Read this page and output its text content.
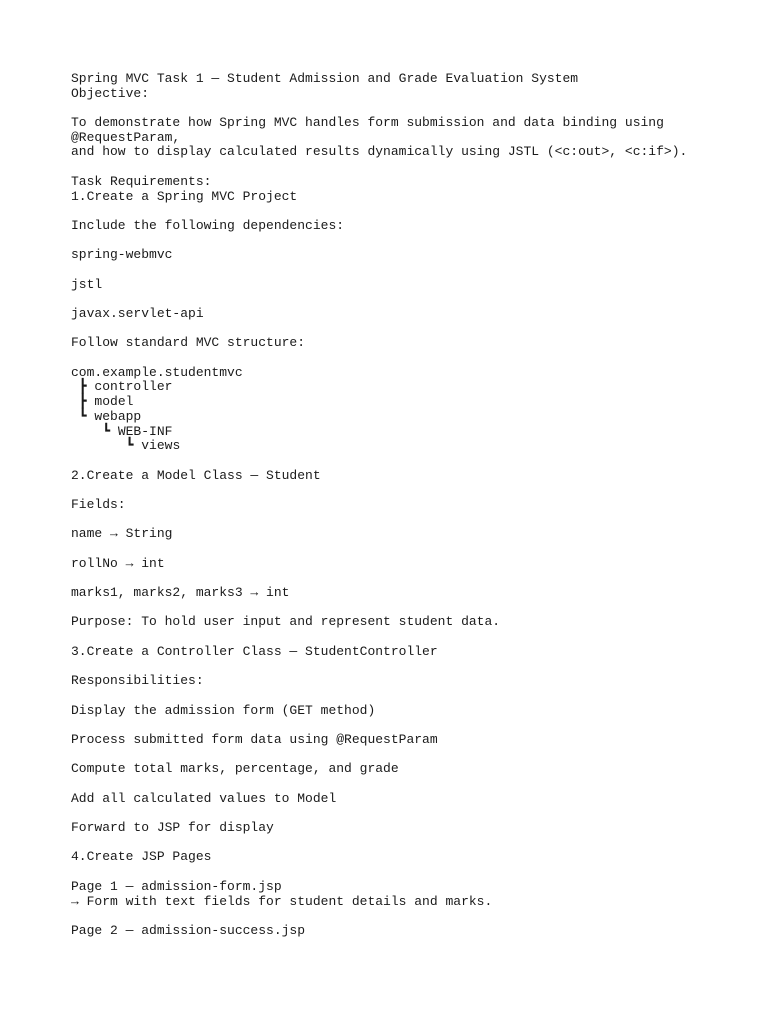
Spring MVC Task 1 — Student Admission and Grade Evaluation System
Objective:
To demonstrate how Spring MVC handles form submission and data binding using
@RequestParam,
and how to display calculated results dynamically using JSTL (<c:out>, <c:if>).
Task Requirements:
1.Create a Spring MVC Project
Include the following dependencies:
spring-webmvc
jstl
javax.servlet-api
Follow standard MVC structure:
com.example.studentmvc
┣ controller
┣ model
┗ webapp
┗ WEB-INF
┗ views
2.Create a Model Class — Student
Fields:
name → String
rollNo → int
marks1, marks2, marks3 → int
Purpose: To hold user input and represent student data.
3.Create a Controller Class — StudentController
Responsibilities:
Display the admission form (GET method)
Process submitted form data using @RequestParam
Compute total marks, percentage, and grade
Add all calculated values to Model
Forward to JSP for display
4.Create JSP Pages
Page 1 — admission-form.jsp
→ Form with text fields for student details and marks.
Page 2 — admission-success.jsp
